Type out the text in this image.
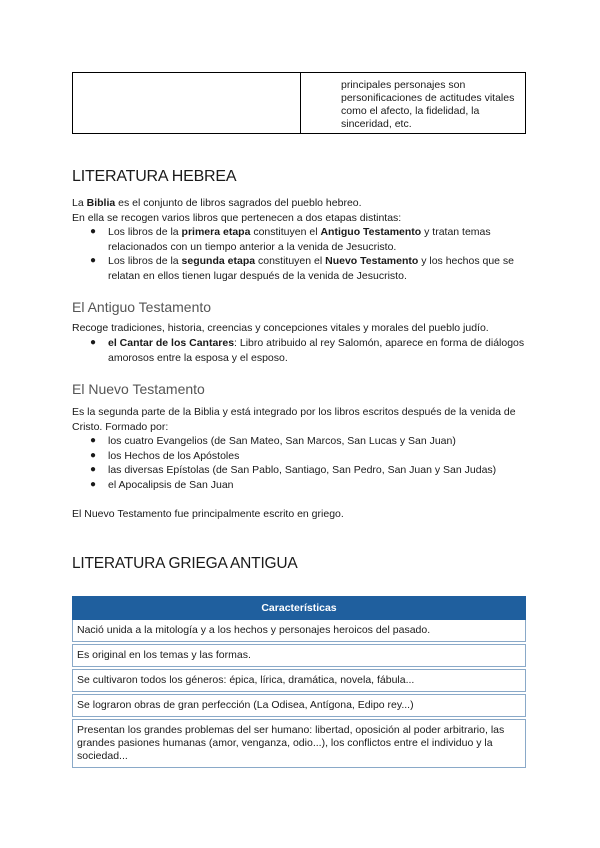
principales personajes son personificaciones de actitudes vitales como el afecto, la fidelidad, la sinceridad, etc.
LITERATURA HEBREA
La Biblia es el conjunto de libros sagrados del pueblo hebreo.
En ella se recogen varios libros que pertenecen a dos etapas distintas:
● Los libros de la primera etapa constituyen el Antiguo Testamento y tratan temas relacionados con un tiempo anterior a la venida de Jesucristo.
● Los libros de la segunda etapa constituyen el Nuevo Testamento y los hechos que se relatan en ellos tienen lugar después de la venida de Jesucristo.
El Antiguo Testamento
Recoge tradiciones, historia, creencias y concepciones vitales y morales del pueblo judío.
● el Cantar de los Cantares: Libro atribuido al rey Salomón, aparece en forma de diálogos amorosos entre la esposa y el esposo.
El Nuevo Testamento
Es la segunda parte de la Biblia y está integrado por los libros escritos después de la venida de Cristo. Formado por:
● los cuatro Evangelios (de San Mateo, San Marcos, San Lucas y San Juan)
● los Hechos de los Apóstoles
● las diversas Epístolas (de San Pablo, Santiago, San Pedro, San Juan y San Judas)
● el Apocalipsis de San Juan
El Nuevo Testamento fue principalmente escrito en griego.
LITERATURA GRIEGA ANTIGUA
Características
Nació unida a la mitología y a los hechos y personajes heroicos del pasado.

Es original en los temas y las formas.

Se cultivaron todos los géneros: épica, lírica, dramática, novela, fábula...

Se lograron obras de gran perfección (La Odisea, Antígona, Edipo rey...)

Presentan los grandes problemas del ser humano: libertad, oposición al poder arbitrario, las grandes pasiones humanas (amor, venganza, odio...), los conflictos entre el individuo y la sociedad...
